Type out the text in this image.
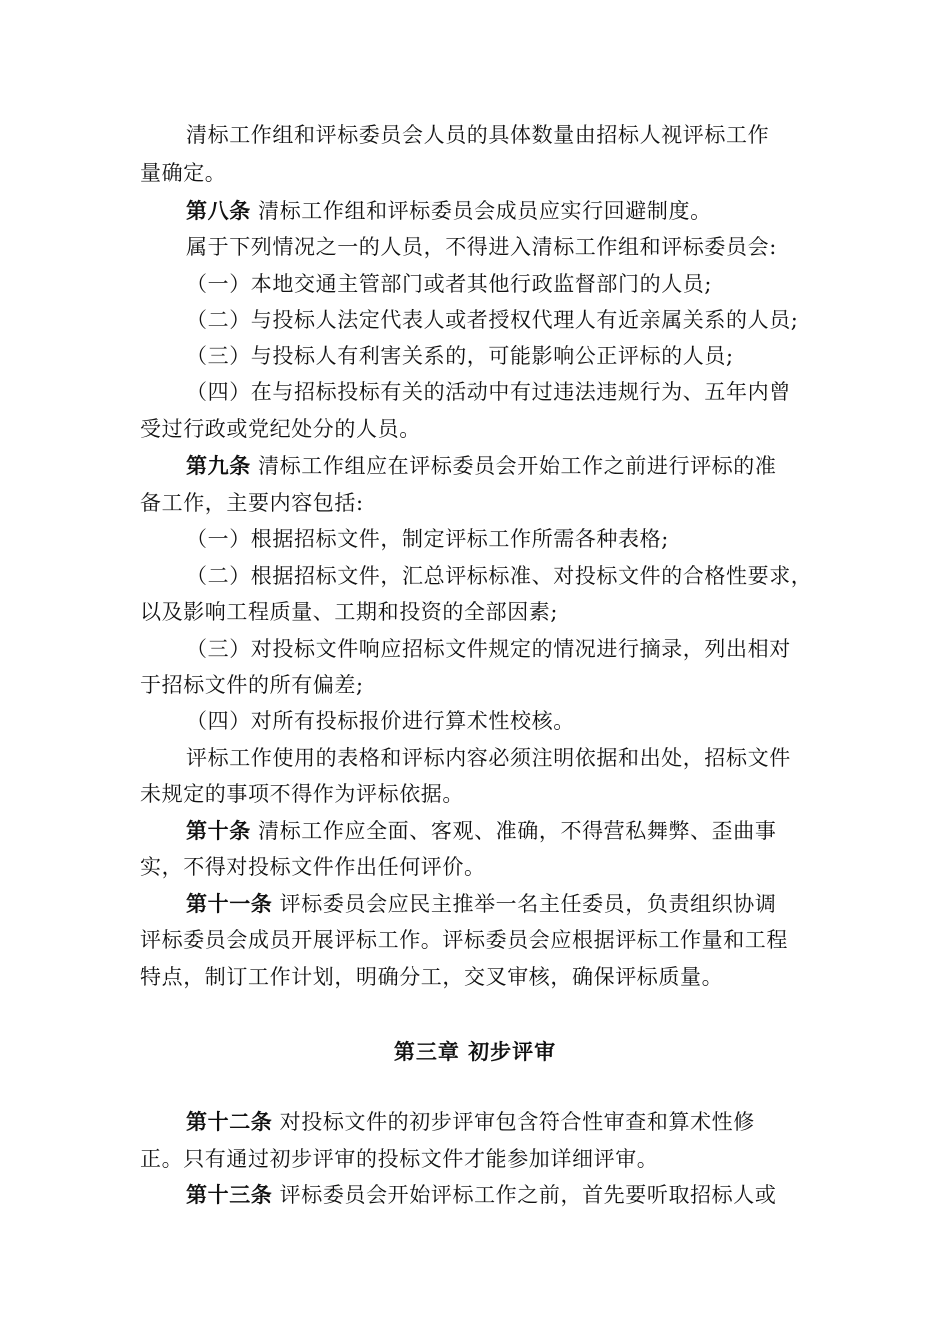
清标工作组和评标委员会人员的具体数量由招标人视评标工作
量确定。
第八条 清标工作组和评标委员会成员应实行回避制度。
属于下列情况之一的人员，不得进入清标工作组和评标委员会:
（一）本地交通主管部门或者其他行政监督部门的人员;
（二）与投标人法定代表人或者授权代理人有近亲属关系的人员;
（三）与投标人有利害关系的，可能影响公正评标的人员;
（四）在与招标投标有关的活动中有过违法违规行为、五年内曾
受过行政或党纪处分的人员。
第九条 清标工作组应在评标委员会开始工作之前进行评标的准
备工作，主要内容包括:
（一）根据招标文件，制定评标工作所需各种表格;
（二）根据招标文件，汇总评标标准、对投标文件的合格性要求，
以及影响工程质量、工期和投资的全部因素;
（三）对投标文件响应招标文件规定的情况进行摘录，列出相对
于招标文件的所有偏差;
（四）对所有投标报价进行算术性校核。
评标工作使用的表格和评标内容必须注明依据和出处，招标文件
未规定的事项不得作为评标依据。
第十条 清标工作应全面、客观、准确，不得营私舞弊、歪曲事
实，不得对投标文件作出任何评价。
第十一条 评标委员会应民主推举一名主任委员，负责组织协调
评标委员会成员开展评标工作。评标委员会应根据评标工作量和工程
特点，制订工作计划，明确分工，交叉审核，确保评标质量。
第三章 初步评审
第十二条 对投标文件的初步评审包含符合性审查和算术性修
正。只有通过初步评审的投标文件才能参加详细评审。
第十三条 评标委员会开始评标工作之前，首先要听取招标人或
